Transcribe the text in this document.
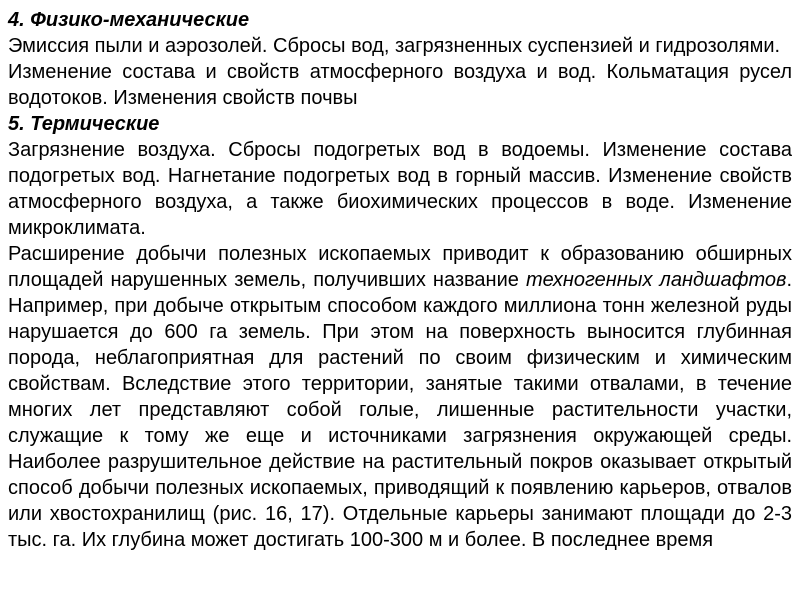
4. Физико-механические

Эмиссия пыли и аэрозолей. Сбросы вод, загрязненных суспензией и гидрозолями.

Изменение состава и свойств атмосферного воздуха и вод. Кольматация русел водотоков. Изменения свойств почвы

5. Термические

Загрязнение воздуха. Сбросы подогретых вод в водоемы. Изменение состава подогретых вод. Нагнетание подогретых вод в горный массив. Изменение свойств атмосферного воздуха, а также биохимических процессов в воде. Изменение микроклимата.

Расширение добычи полезных ископаемых приводит к образованию обширных площадей нарушенных земель, получивших название техногенных ландшафтов. Например, при добыче открытым способом каждого миллиона тонн железной руды нарушается до 600 га земель. При этом на поверхность выносится глубинная порода, неблагоприятная для растений по своим физическим и химическим свойствам. Вследствие этого территории, занятые такими отвалами, в течение многих лет представляют собой голые, лишенные растительности участки, служащие к тому же еще и источниками загрязнения окружающей среды. Наиболее разрушительное действие на растительный покров оказывает открытый способ добычи полезных ископаемых, приводящий к появлению карьеров, отвалов или хвостохранилищ (рис. 16, 17). Отдельные карьеры занимают площади до 2-3 тыс. га. Их глубина может достигать 100-300 м и более. В последнее время
